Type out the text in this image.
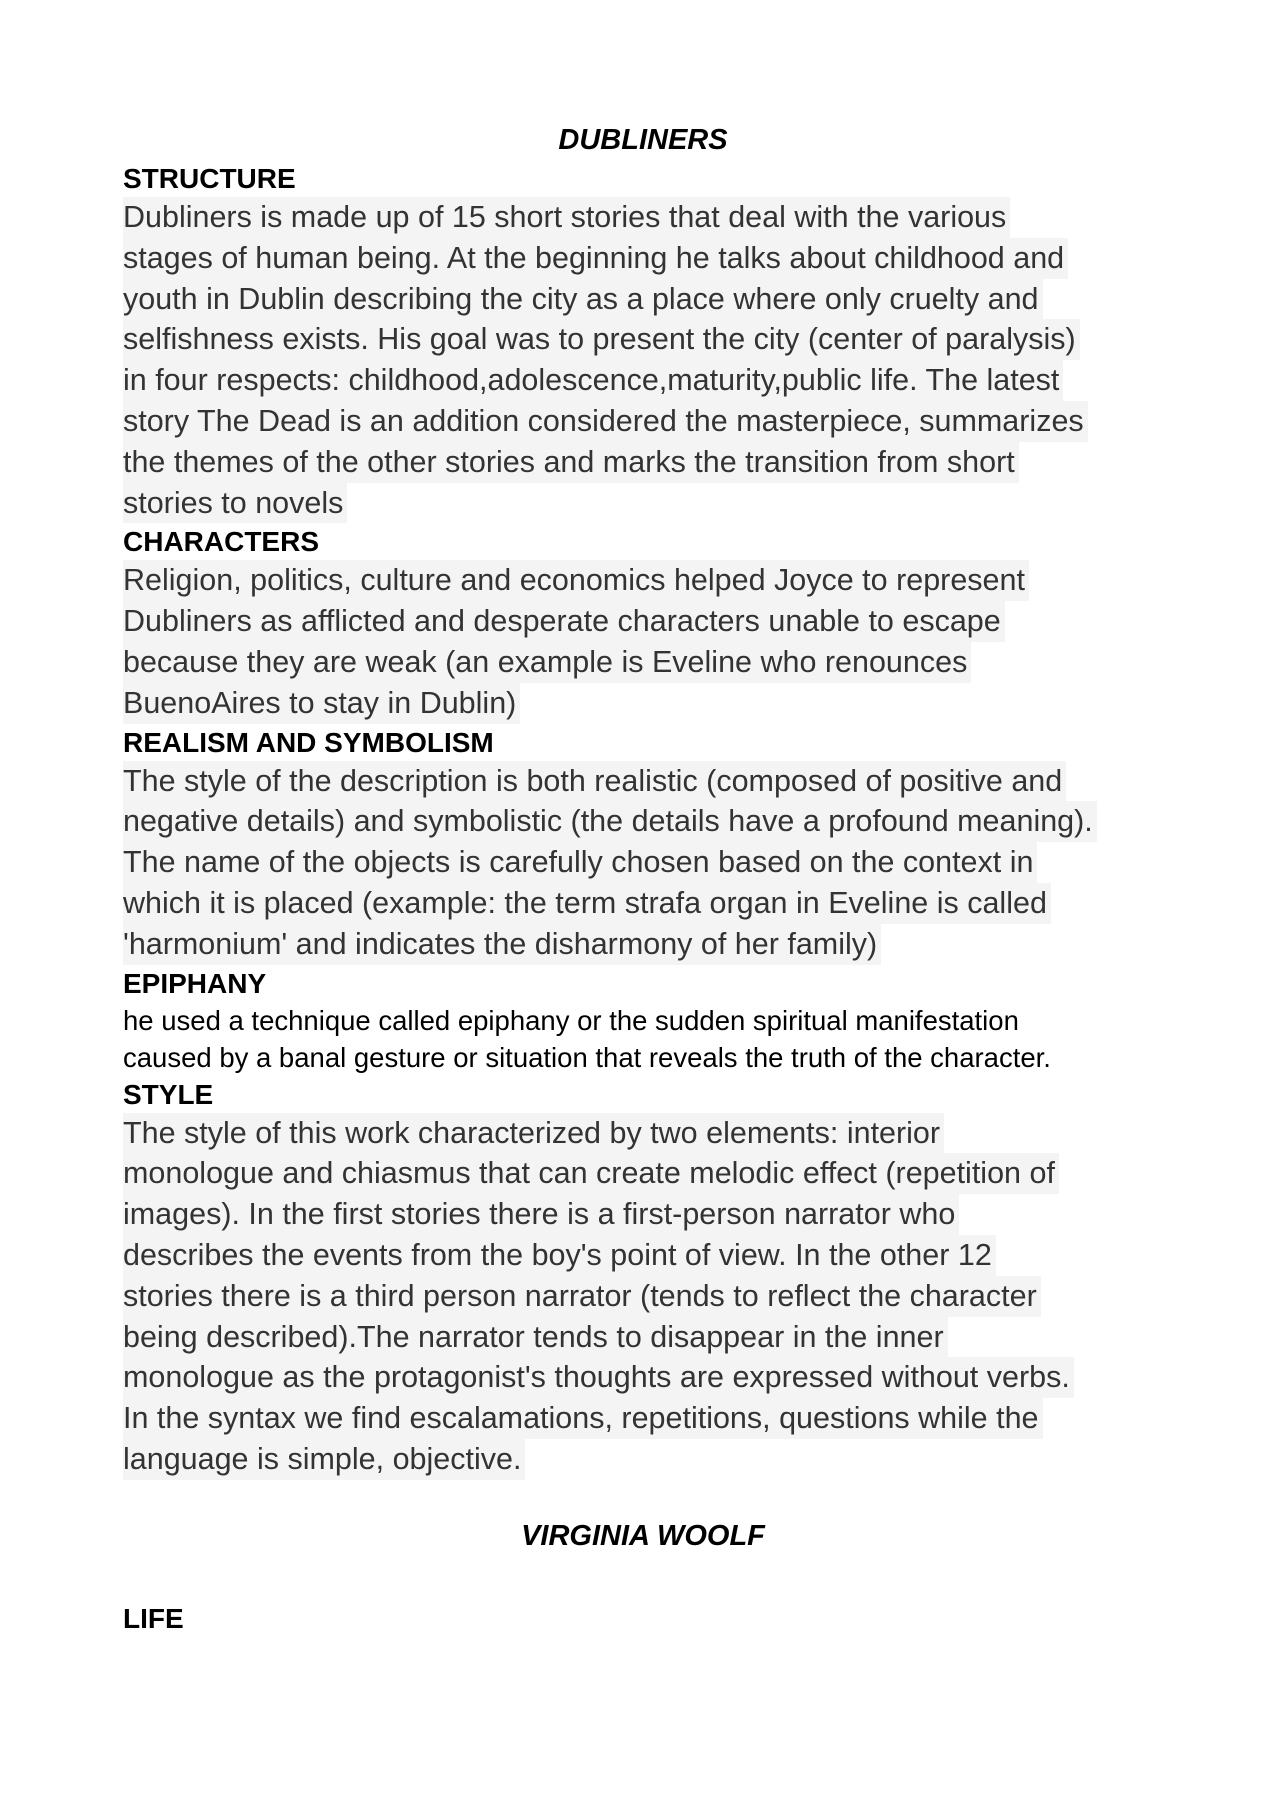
DUBLINERS
STRUCTURE
Dubliners is made up of 15 short stories that deal with the various
stages of human being. At the beginning he talks about childhood and
youth in Dublin describing the city as a place where only cruelty and
selfishness exists. His goal was to present the city (center of paralysis)
in four respects: childhood,adolescence,maturity,public life. The latest
story The Dead is an addition considered the masterpiece, summarizes
the themes of the other stories and marks the transition from short
stories to novels
CHARACTERS
Religion, politics, culture and economics helped Joyce to represent
Dubliners as afflicted and desperate characters unable to escape
because they are weak (an example is Eveline who renounces
BuenoAires to stay in Dublin)
REALISM AND SYMBOLISM
The style of the description is both realistic (composed of positive and
negative details) and symbolistic (the details have a profound meaning).
The name of the objects is carefully chosen based on the context in
which it is placed (example: the term strafa organ in Eveline is called
'harmonium' and indicates the disharmony of her family)
EPIPHANY
he used a technique called epiphany or the sudden spiritual manifestation
caused by a banal gesture or situation that reveals the truth of the character.
STYLE
The style of this work characterized by two elements: interior
monologue and chiasmus that can create melodic effect (repetition of
images). In the first stories there is a first-person narrator who
describes the events from the boy's point of view. In the other 12
stories there is a third person narrator (tends to reflect the character
being described).The narrator tends to disappear in the inner
monologue as the protagonist's thoughts are expressed without verbs.
In the syntax we find escalamations, repetitions, questions while the
language is simple, objective.
VIRGINIA WOOLF
LIFE
